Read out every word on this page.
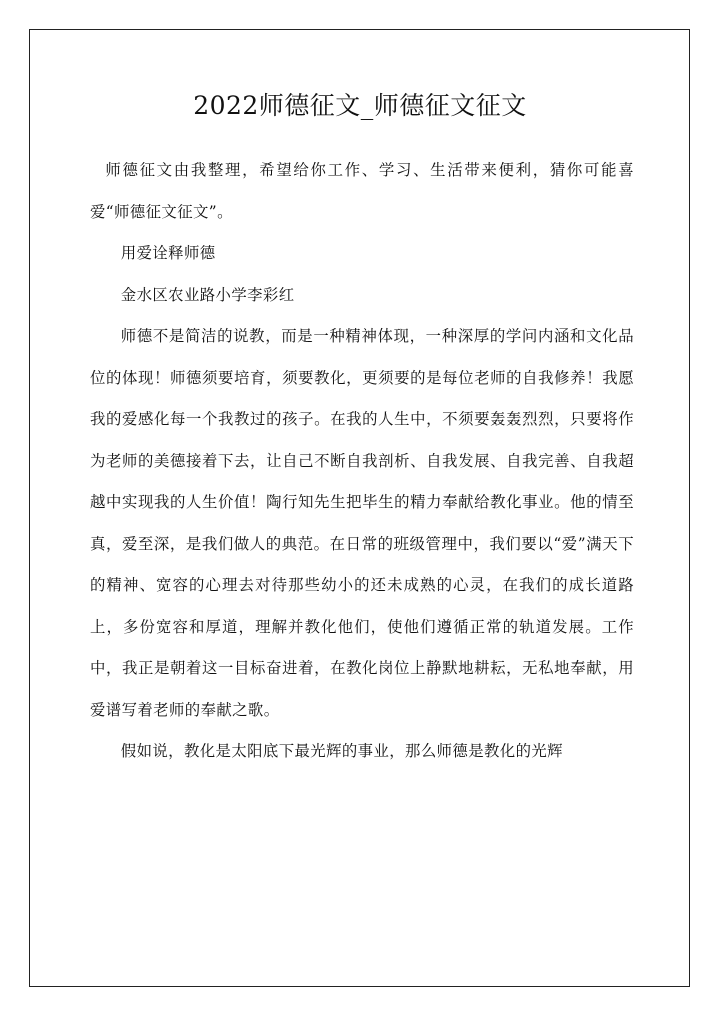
2022师德征文_师德征文征文

师德征文由我整理，希望给你工作、学习、生活带来便利，猜你可能喜爱“师德征文征文”。

用爱诠释师德

金水区农业路小学李彩红

师德不是简洁的说教，而是一种精神体现，一种深厚的学问内涵和文化品位的体现！师德须要培育，须要教化，更须要的是每位老师的自我修养！我愿我的爱感化每一个我教过的孩子。在我的人生中，不须要轰轰烈烈，只要将作为老师的美德接着下去，让自己不断自我剖析、自我发展、自我完善、自我超越中实现我的人生价值！陶行知先生把毕生的精力奉献给教化事业。他的情至真，爱至深，是我们做人的典范。在日常的班级管理中，我们要以“爱”满天下的精神、宽容的心理去对待那些幼小的还未成熟的心灵，在我们的成长道路上，多份宽容和厚道，理解并教化他们，使他们遵循正常的轨道发展。工作中，我正是朝着这一目标奋进着，在教化岗位上静默地耕耘，无私地奉献，用爱谱写着老师的奉献之歌。

假如说，教化是太阳底下最光辉的事业，那么师德是教化的光辉
